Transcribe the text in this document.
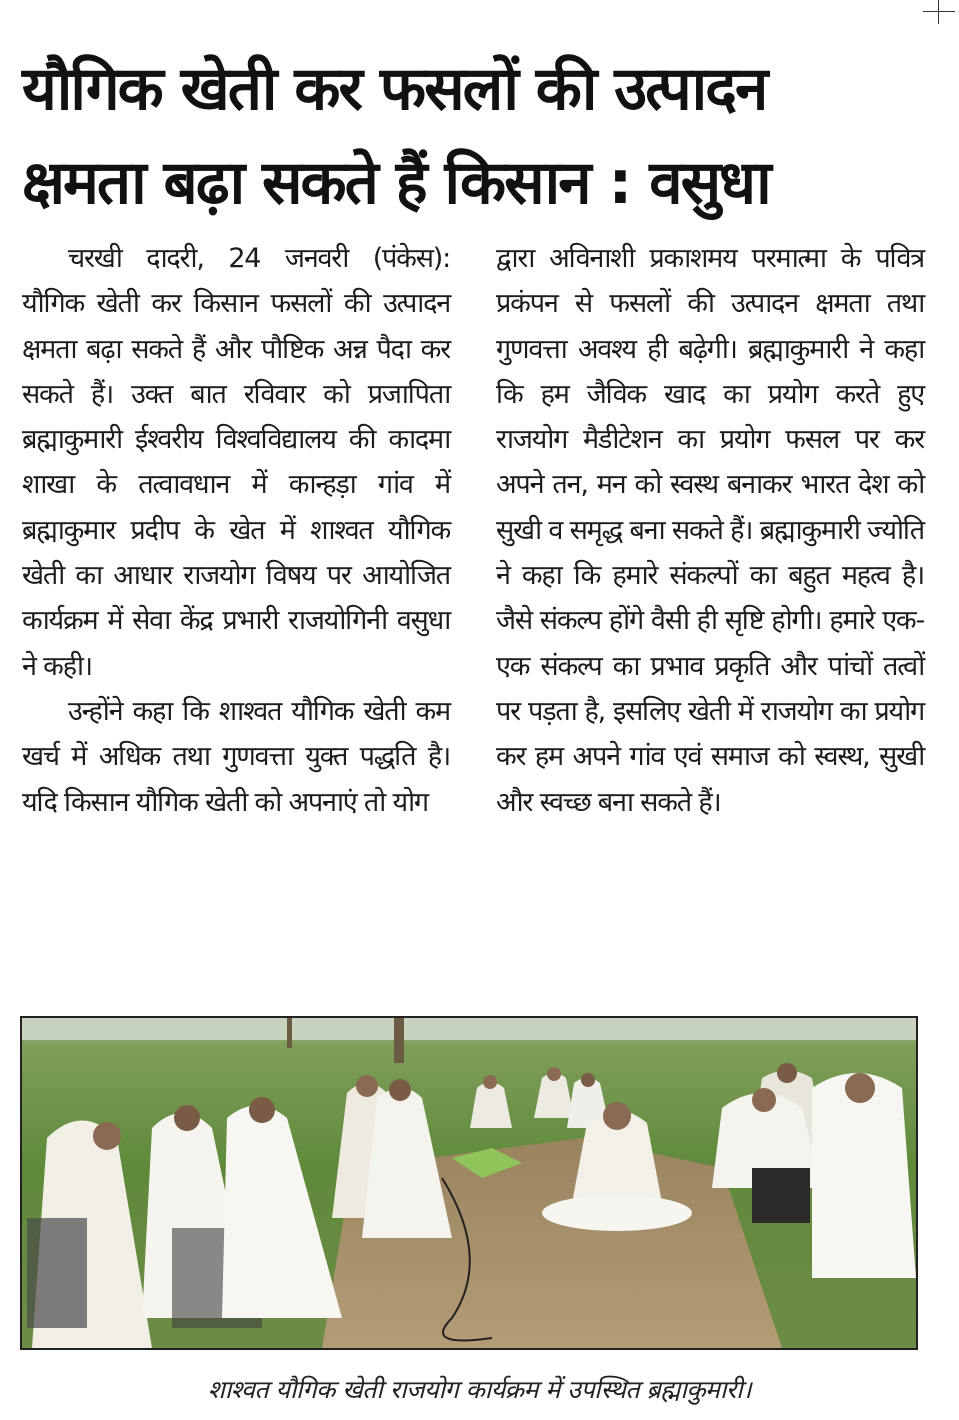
यौगिक खेती कर फसलों की उत्पादन
क्षमता बढ़ा सकते हैं किसान : वसुधा

चरखी दादरी, 24 जनवरी (पंकेस): यौगिक खेती कर किसान फसलों की उत्पादन क्षमता बढ़ा सकते हैं और पौष्टिक अन्न पैदा कर सकते हैं। उक्त बात रविवार को प्रजापिता ब्रह्माकुमारी ईश्वरीय विश्वविद्यालय की कादमा शाखा के तत्वावधान में कान्हड़ा गांव में ब्रह्माकुमार प्रदीप के खेत में शाश्वत यौगिक खेती का आधार राजयोग विषय पर आयोजित कार्यक्रम में सेवा केंद्र प्रभारी राजयोगिनी वसुधा ने कही।

उन्होंने कहा कि शाश्वत यौगिक खेती कम खर्च में अधिक तथा गुणवत्ता युक्त पद्धति है। यदि किसान यौगिक खेती को अपनाएं तो योग

द्वारा अविनाशी प्रकाशमय परमात्मा के पवित्र प्रकंपन से फसलों की उत्पादन क्षमता तथा गुणवत्ता अवश्य ही बढ़ेगी। ब्रह्माकुमारी ने कहा कि हम जैविक खाद का प्रयोग करते हुए राजयोग मैडीटेशन का प्रयोग फसल पर कर अपने तन, मन को स्वस्थ बनाकर भारत देश को सुखी व समृद्ध बना सकते हैं। ब्रह्माकुमारी ज्योति ने कहा कि हमारे संकल्पों का बहुत महत्व है। जैसे संकल्प होंगे वैसी ही सृष्टि होगी। हमारे एक-एक संकल्प का प्रभाव प्रकृति और पांचों तत्वों पर पड़ता है, इसलिए खेती में राजयोग का प्रयोग कर हम अपने गांव एवं समाज को स्वस्थ, सुखी और स्वच्छ बना सकते हैं।

शाश्वत यौगिक खेती राजयोग कार्यक्रम में उपस्थित ब्रह्माकुमारी।
